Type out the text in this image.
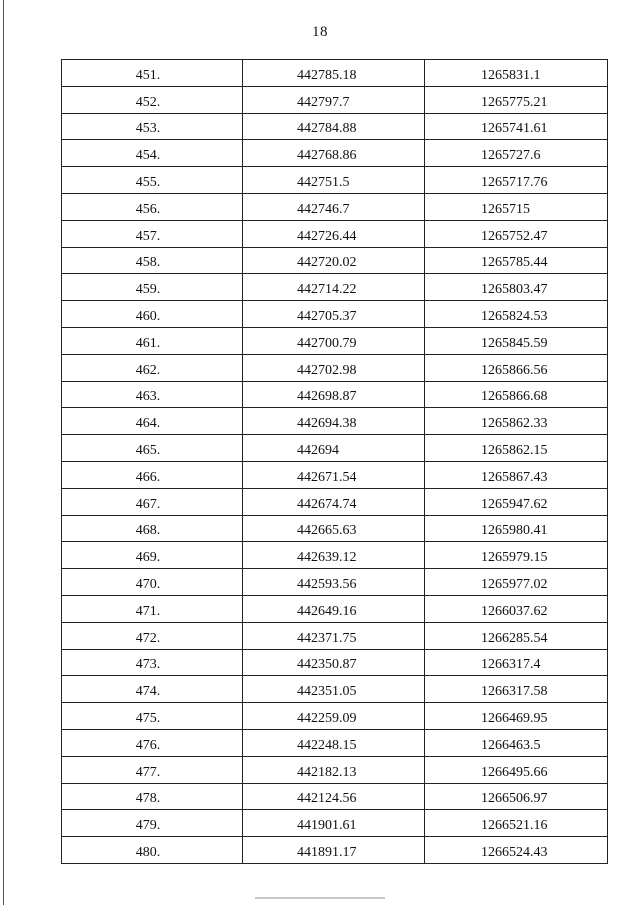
18
451.	442785.18	1265831.1
452.	442797.7	1265775.21
453.	442784.88	1265741.61
454.	442768.86	1265727.6
455.	442751.5	1265717.76
456.	442746.7	1265715
457.	442726.44	1265752.47
458.	442720.02	1265785.44
459.	442714.22	1265803.47
460.	442705.37	1265824.53
461.	442700.79	1265845.59
462.	442702.98	1265866.56
463.	442698.87	1265866.68
464.	442694.38	1265862.33
465.	442694	1265862.15
466.	442671.54	1265867.43
467.	442674.74	1265947.62
468.	442665.63	1265980.41
469.	442639.12	1265979.15
470.	442593.56	1265977.02
471.	442649.16	1266037.62
472.	442371.75	1266285.54
473.	442350.87	1266317.4
474.	442351.05	1266317.58
475.	442259.09	1266469.95
476.	442248.15	1266463.5
477.	442182.13	1266495.66
478.	442124.56	1266506.97
479.	441901.61	1266521.16
480.	441891.17	1266524.43
